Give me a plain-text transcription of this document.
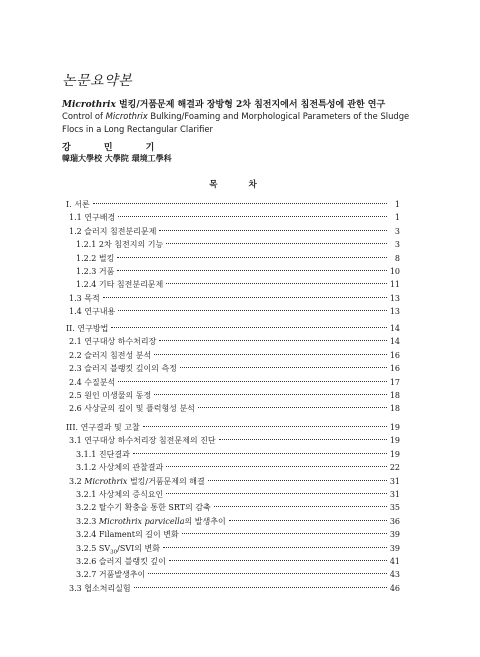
논문요약본
Microthrix 벌킹/거품문제 해결과 장방형 2차 침전지에서 침전특성에 관한 연구
Control of Microthrix Bulking/Foaming and Morphological Parameters of the Sludge
Flocs in a Long Rectangular Clarifier
강 민 기
韓瑞大學校 大學院 環境工學科
목 차
I. 서론	1
1.1 연구배경	1
1.2 슬러지 침전분리문제	3
1.2.1 2차 침전지의 기능	3
1.2.2 벌킹	8
1.2.3 거품	10
1.2.4 기타 침전분리문제	11
1.3 목적	13
1.4 연구내용	13
II. 연구방법	14
2.1 연구대상 하수처리장	14
2.2 슬러지 침전성 분석	16
2.3 슬러지 블랭킷 깊이의 측정	16
2.4 수질분석	17
2.5 원인 미생물의 동정	18
2.6 사상균의 길이 및 플럭형성 분석	18
III. 연구결과 및 고찰	19
3.1 연구대상 하수처리장 침전문제의 진단	19
3.1.1 진단결과	19
3.1.2 사상체의 관찰결과	22
3.2 Microthrix 벌킹/거품문제의 해결	31
3.2.1 사상체의 증식요인	31
3.2.2 탈수기 확충을 통한 SRT의 감축	35
3.2.3 Microthrix parvicella의 발생추이	36
3.2.4 Filament의 길이 변화	39
3.2.5 $SV_{30}$/SVI의 변화	39
3.2.6 슬러지 블랭킷 깊이	41
3.2.7 거품발생추이	43
3.3 협소처리실험	46
